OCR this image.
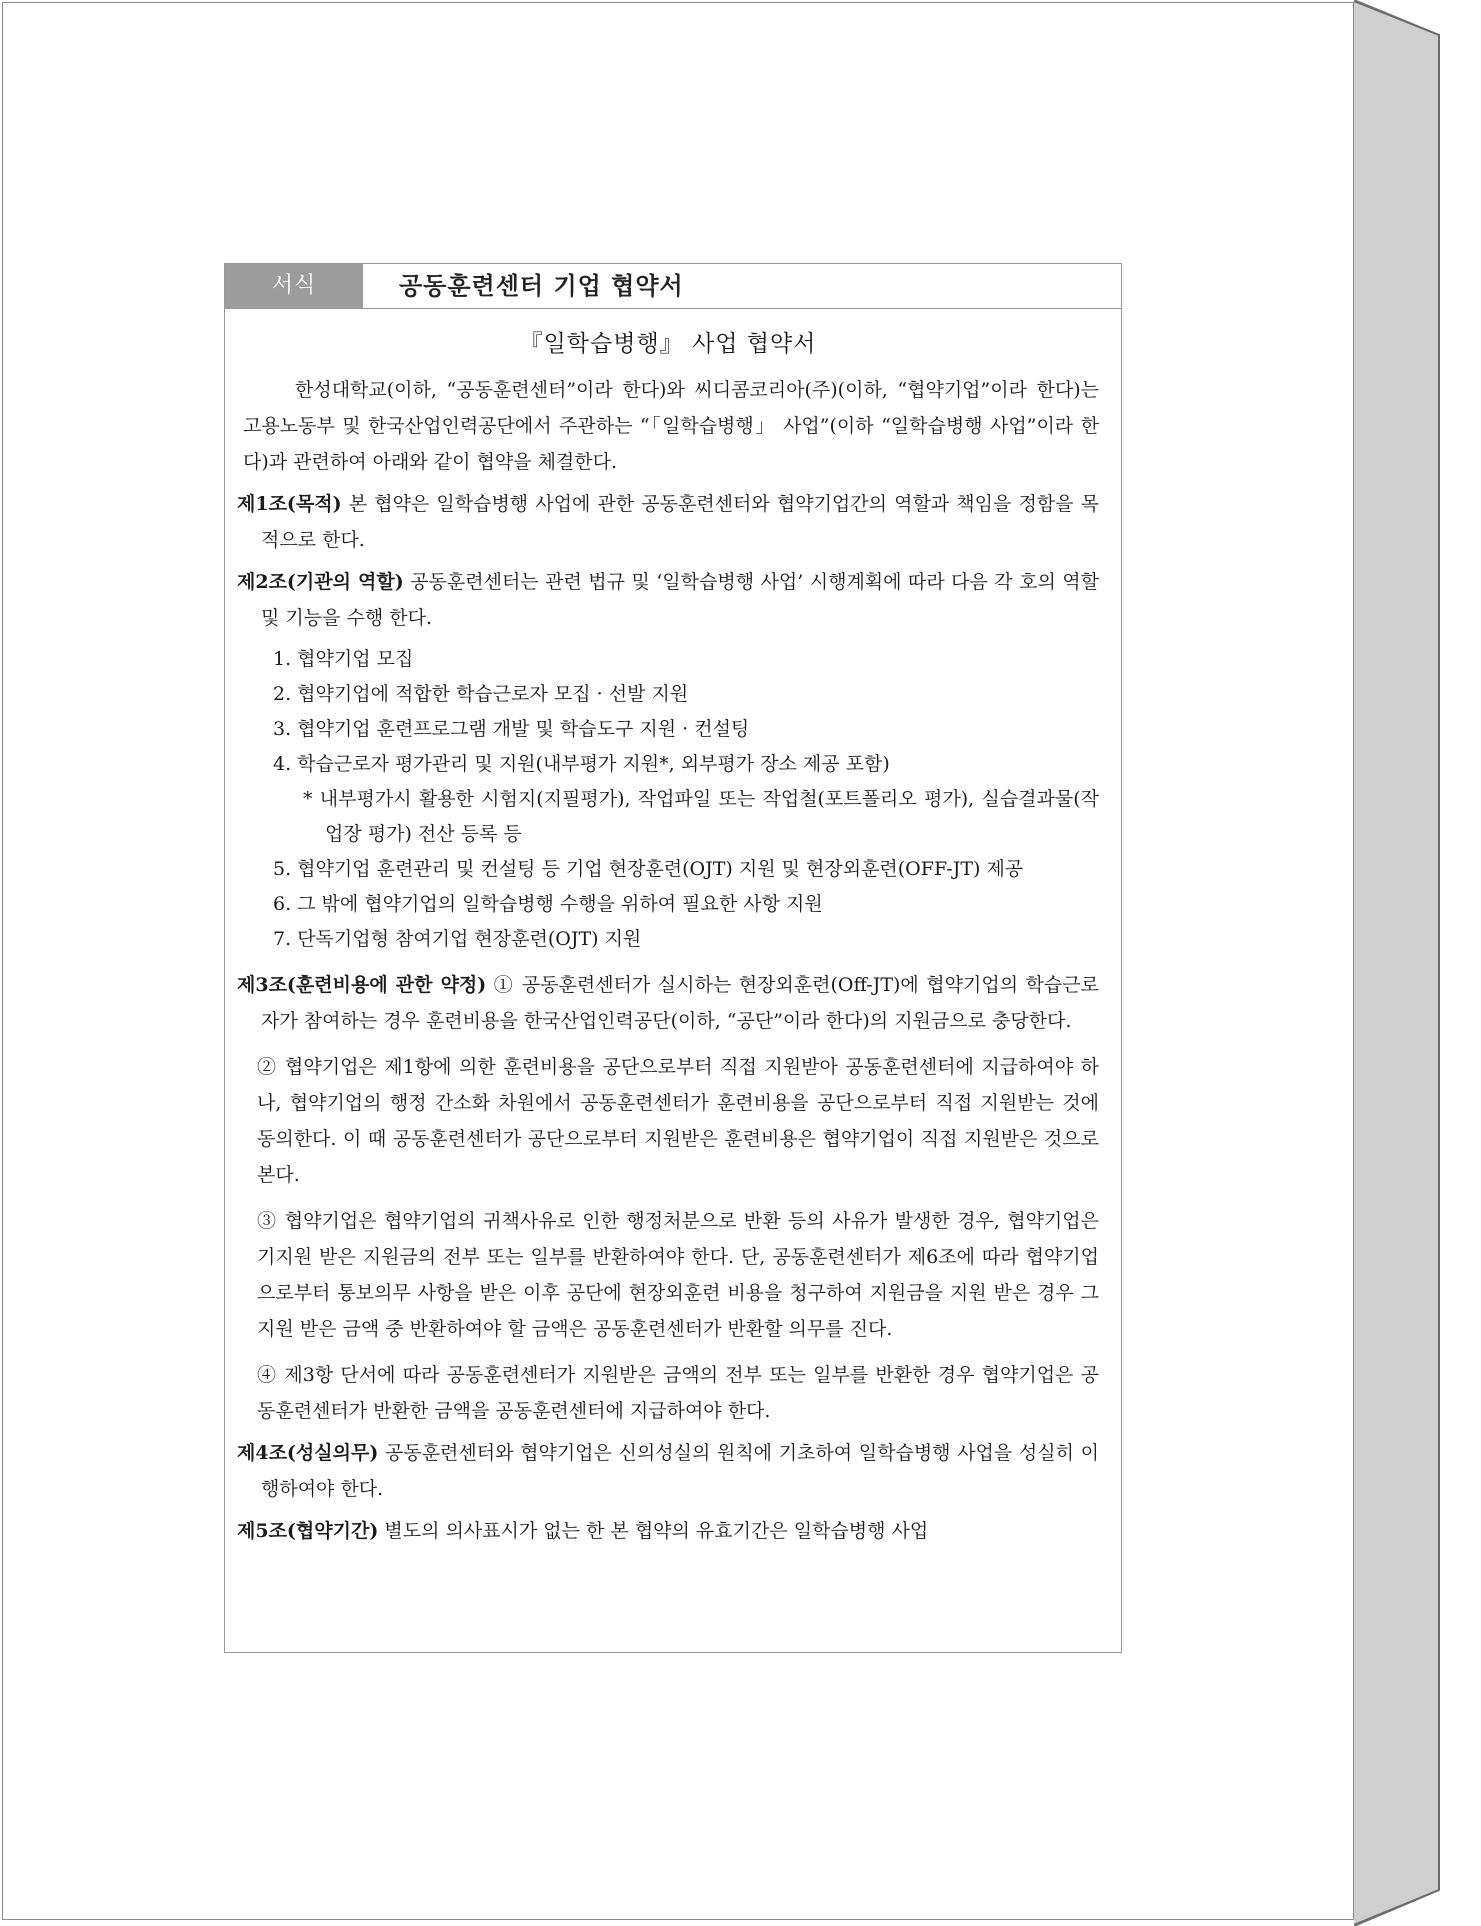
서식	공동훈련센터 기업 협약서
『일학습병행』 사업 협약서

한성대학교(이하, “공동훈련센터”이라 한다)와 씨디콤코리아(주)(이하, “협약기업”이라 한다)는 고용노동부 및 한국산업인력공단에서 주관하는 “「일학습병행」 사업”(이하 “일학습병행 사업”이라 한다)과 관련하여 아래와 같이 협약을 체결한다.

제1조(목적) 본 협약은 일학습병행 사업에 관한 공동훈련센터와 협약기업간의 역할과 책임을 정함을 목적으로 한다.

제2조(기관의 역할) 공동훈련센터는 관련 법규 및 ‘일학습병행 사업’ 시행계획에 따라 다음 각 호의 역할 및 기능을 수행 한다.

1. 협약기업 모집
2. 협약기업에 적합한 학습근로자 모집 · 선발 지원
3. 협약기업 훈련프로그램 개발 및 학습도구 지원 · 컨설팅
4. 학습근로자 평가관리 및 지원(내부평가 지원*, 외부평가 장소 제공 포함)
* 내부평가시 활용한 시험지(지필평가), 작업파일 또는 작업철(포트폴리오 평가), 실습결과물(작업장 평가) 전산 등록 등
5. 협약기업 훈련관리 및 컨설팅 등 기업 현장훈련(OJT) 지원 및 현장외훈련(OFF-JT) 제공
6. 그 밖에 협약기업의 일학습병행 수행을 위하여 필요한 사항 지원
7. 단독기업형 참여기업 현장훈련(OJT) 지원

제3조(훈련비용에 관한 약정) ① 공동훈련센터가 실시하는 현장외훈련(Off-JT)에 협약기업의 학습근로자가 참여하는 경우 훈련비용을 한국산업인력공단(이하, “공단”이라 한다)의 지원금으로 충당한다.

② 협약기업은 제1항에 의한 훈련비용을 공단으로부터 직접 지원받아 공동훈련센터에 지급하여야 하나, 협약기업의 행정 간소화 차원에서 공동훈련센터가 훈련비용을 공단으로부터 직접 지원받는 것에 동의한다. 이 때 공동훈련센터가 공단으로부터 지원받은 훈련비용은 협약기업이 직접 지원받은 것으로 본다.

③ 협약기업은 협약기업의 귀책사유로 인한 행정처분으로 반환 등의 사유가 발생한 경우, 협약기업은 기지원 받은 지원금의 전부 또는 일부를 반환하여야 한다. 단, 공동훈련센터가 제6조에 따라 협약기업으로부터 통보의무 사항을 받은 이후 공단에 현장외훈련 비용을 청구하여 지원금을 지원 받은 경우 그 지원 받은 금액 중 반환하여야 할 금액은 공동훈련센터가 반환할 의무를 진다.

④ 제3항 단서에 따라 공동훈련센터가 지원받은 금액의 전부 또는 일부를 반환한 경우 협약기업은 공동훈련센터가 반환한 금액을 공동훈련센터에 지급하여야 한다.

제4조(성실의무) 공동훈련센터와 협약기업은 신의성실의 원칙에 기초하여 일학습병행 사업을 성실히 이행하여야 한다.

제5조(협약기간) 별도의 의사표시가 없는 한 본 협약의 유효기간은 일학습병행 사업
